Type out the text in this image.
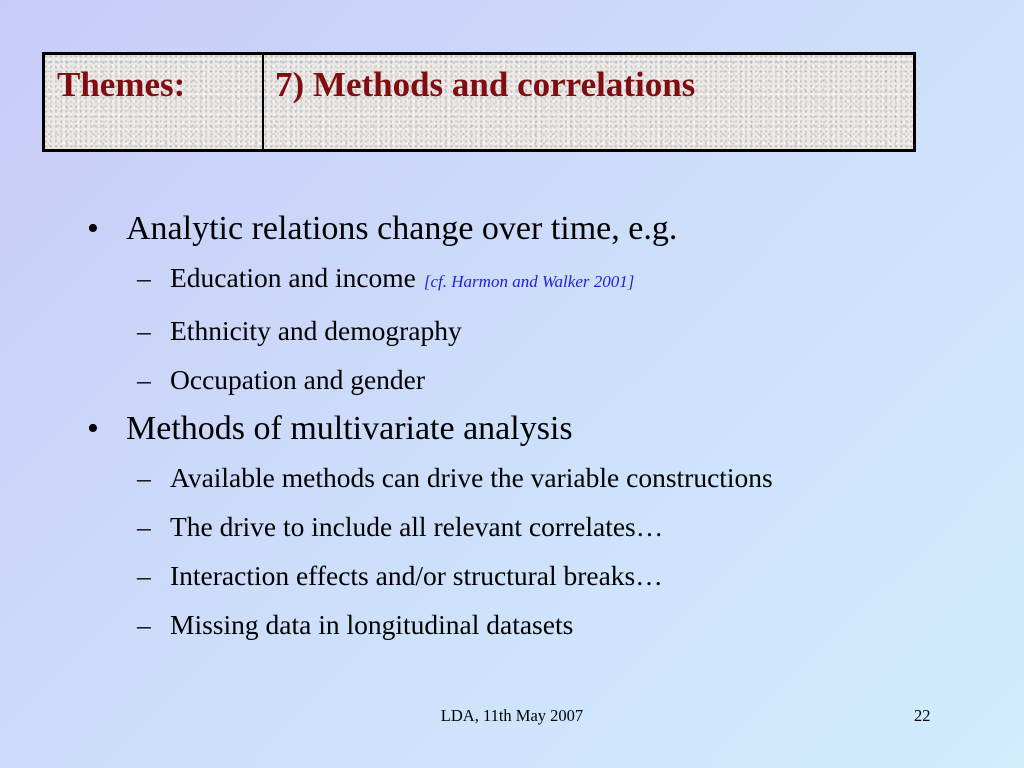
Themes:	7) Methods and correlations
• Analytic relations change over time, e.g.
– Education and income [cf. Harmon and Walker 2001]
– Ethnicity and demography
– Occupation and gender
• Methods of multivariate analysis
– Available methods can drive the variable constructions
– The drive to include all relevant correlates…
– Interaction effects and/or structural breaks…
– Missing data in longitudinal datasets
LDA, 11th May 2007	22
